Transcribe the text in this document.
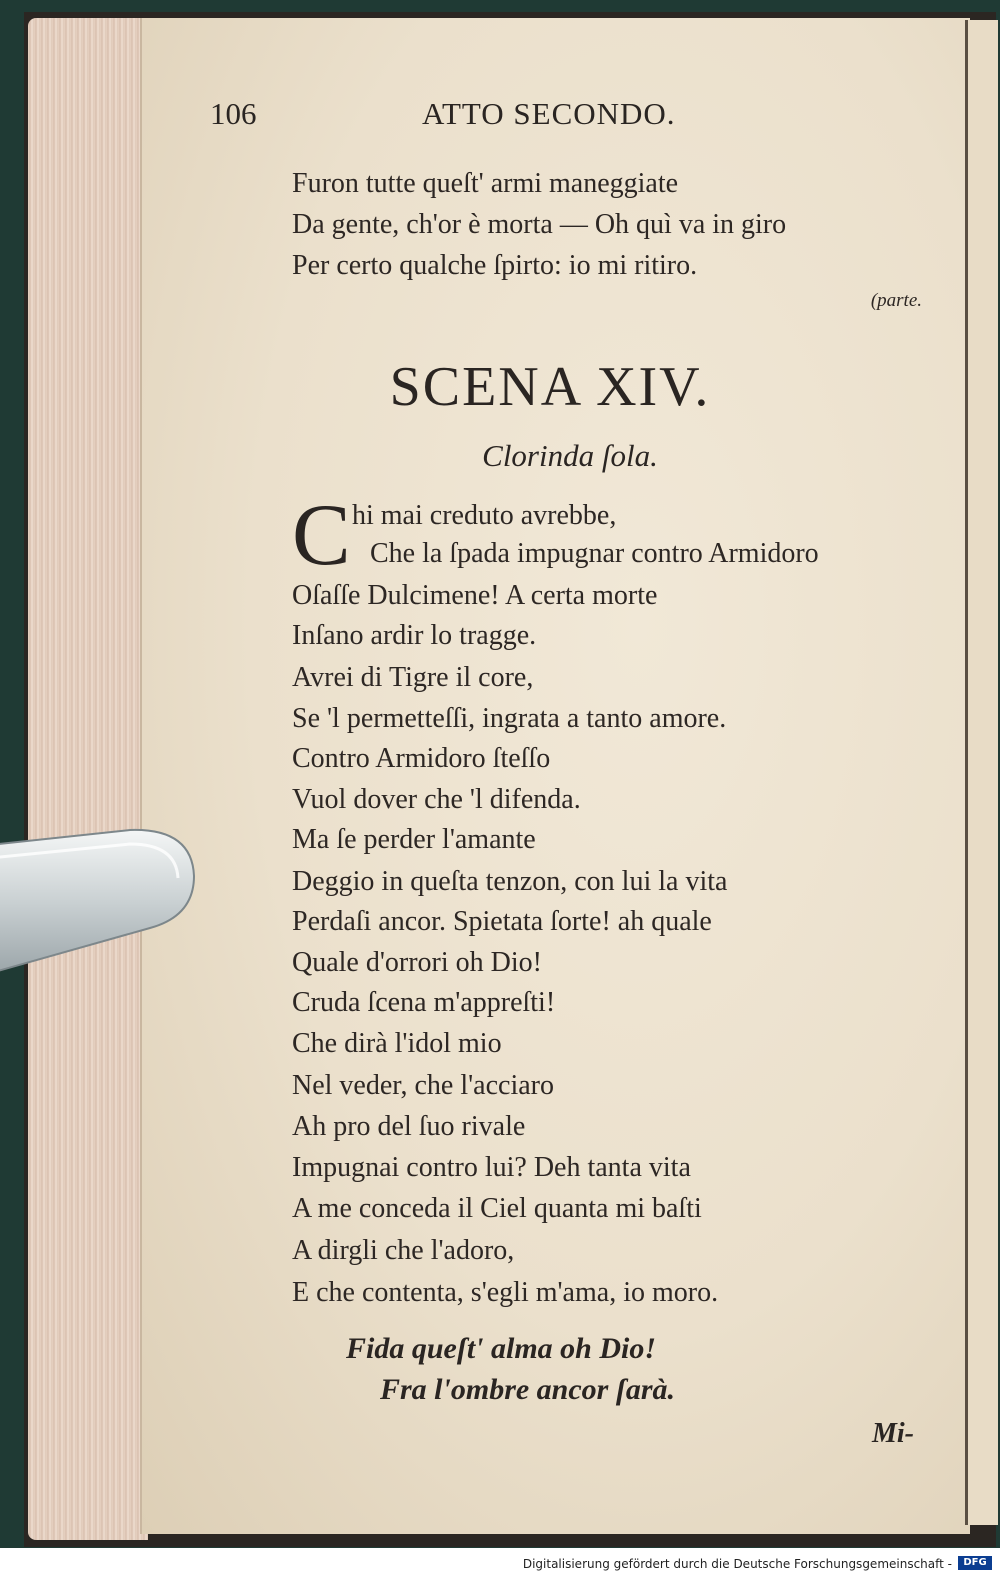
106	ATTO SECONDO.
Furon tutte queſt' armi maneggiate
Da gente, ch'or è morta — Oh quì va in giro
Per certo qualche ſpirto: io mi ritiro.
(parte.
SCENA XIV.
Clorinda ſola.
C hi mai creduto avrebbe,
Che la ſpada impugnar contro Armidoro
Oſaſſe Dulcimene! A certa morte
Inſano ardir lo tragge.
Avrei di Tigre il core,
Se 'l permetteſſi, ingrata a tanto amore.
Contro Armidoro ſteſſo
Vuol dover che 'l difenda.
Ma ſe perder l'amante
Deggio in queſta tenzon, con lui la vita
Perdaſi ancor. Spietata ſorte! ah quale
Quale d'orrori oh Dio!
Cruda ſcena m'appreſti!
Che dirà l'idol mio
Nel veder, che l'acciaro
Ah pro del ſuo rivale
Impugnai contro lui? Deh tanta vita
A me conceda il Ciel quanta mi baſti
A dirgli che l'adoro,
E che contenta, s'egli m'ama, io moro.
Fida queſt' alma oh Dio!
Fra l'ombre ancor ſarà.
Mi-
Digitalisierung gefördert durch die Deutsche Forschungsgemeinschaft -	DFG
